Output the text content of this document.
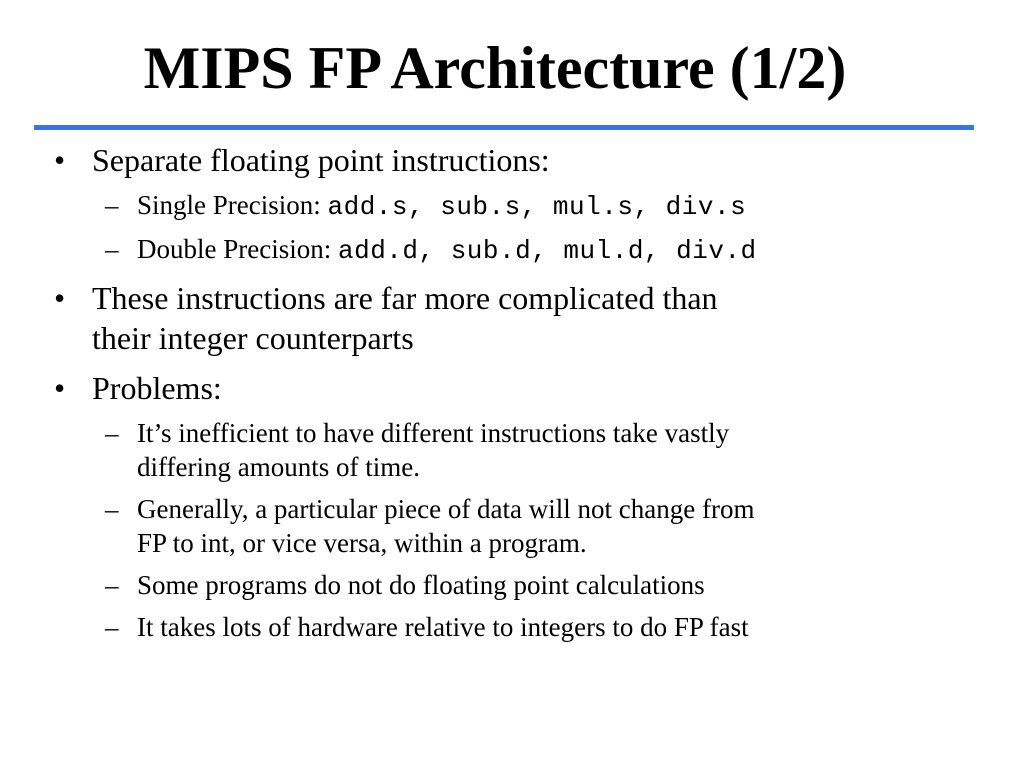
MIPS FP Architecture (1/2)
• Separate floating point instructions:
– Single Precision: add.s, sub.s, mul.s, div.s
– Double Precision: add.d, sub.d, mul.d, div.d
• These instructions are far more complicated than
their integer counterparts
• Problems:
– It’s inefficient to have different instructions take vastly
differing amounts of time.
– Generally, a particular piece of data will not change from
FP to int, or vice versa, within a program.
– Some programs do not do floating point calculations
– It takes lots of hardware relative to integers to do FP fast
